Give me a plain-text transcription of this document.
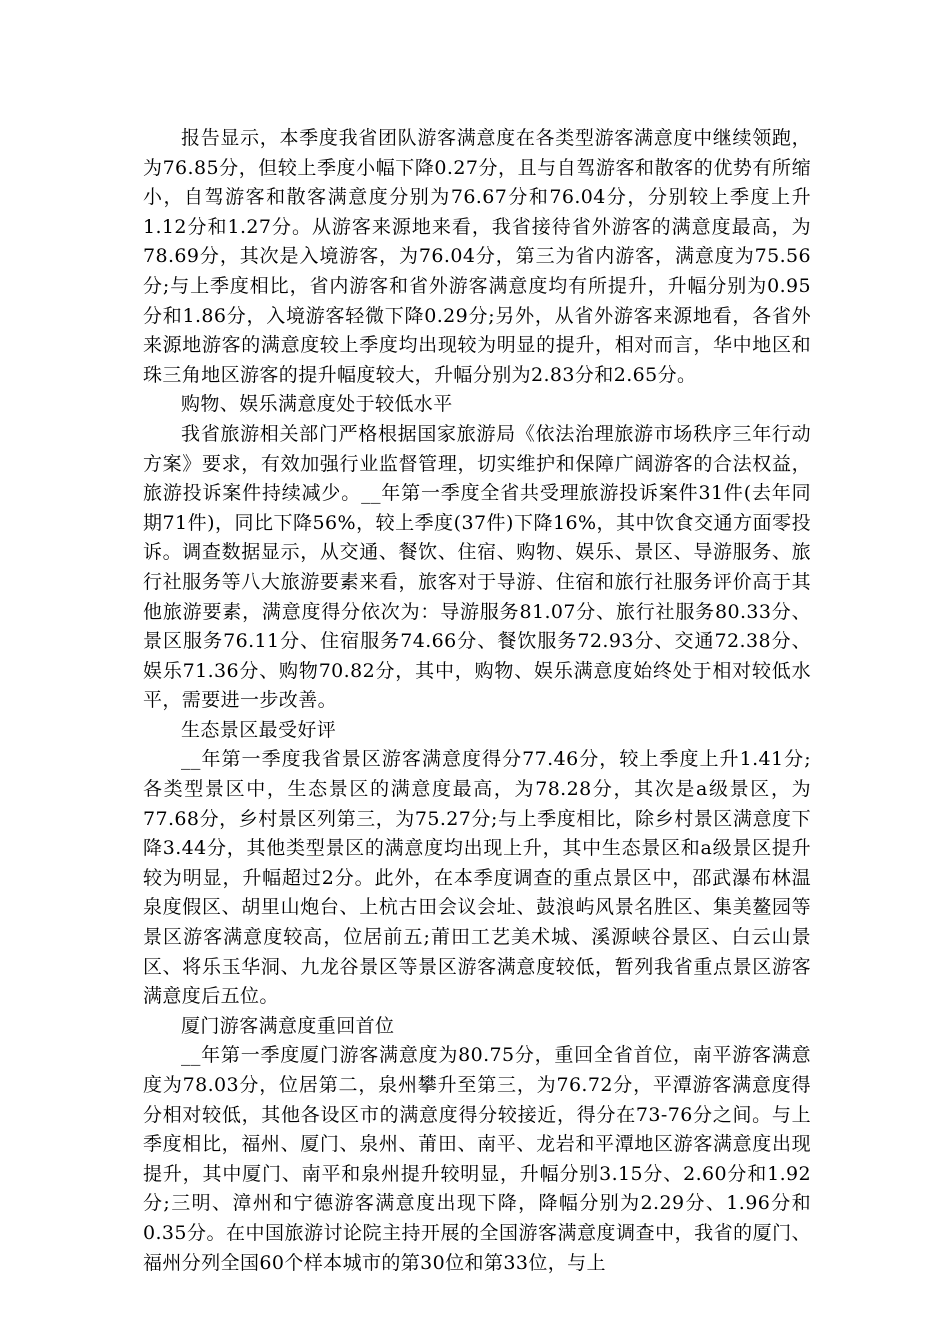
报告显示，本季度我省团队游客满意度在各类型游客满意度中继续领跑，为76.85分，但较上季度小幅下降0.27分，且与自驾游客和散客的优势有所缩小，自驾游客和散客满意度分别为76.67分和76.04分，分别较上季度上升1.12分和1.27分。从游客来源地来看，我省接待省外游客的满意度最高，为78.69分，其次是入境游客，为76.04分，第三为省内游客，满意度为75.56分;与上季度相比，省内游客和省外游客满意度均有所提升，升幅分别为0.95分和1.86分，入境游客轻微下降0.29分;另外，从省外游客来源地看，各省外来源地游客的满意度较上季度均出现较为明显的提升，相对而言，华中地区和珠三角地区游客的提升幅度较大，升幅分别为2.83分和2.65分。

购物、娱乐满意度处于较低水平

我省旅游相关部门严格根据国家旅游局《依法治理旅游市场秩序三年行动方案》要求，有效加强行业监督管理，切实维护和保障广阔游客的合法权益，旅游投诉案件持续减少。__年第一季度全省共受理旅游投诉案件31件(去年同期71件)，同比下降56%，较上季度(37件)下降16%，其中饮食交通方面零投诉。调查数据显示，从交通、餐饮、住宿、购物、娱乐、景区、导游服务、旅行社服务等八大旅游要素来看，旅客对于导游、住宿和旅行社服务评价高于其他旅游要素，满意度得分依次为：导游服务81.07分、旅行社服务80.33分、景区服务76.11分、住宿服务74.66分、餐饮服务72.93分、交通72.38分、娱乐71.36分、购物70.82分，其中，购物、娱乐满意度始终处于相对较低水平，需要进一步改善。

生态景区最受好评

__年第一季度我省景区游客满意度得分77.46分，较上季度上升1.41分;各类型景区中，生态景区的满意度最高，为78.28分，其次是a级景区，为77.68分，乡村景区列第三，为75.27分;与上季度相比，除乡村景区满意度下降3.44分，其他类型景区的满意度均出现上升，其中生态景区和a级景区提升较为明显，升幅超过2分。此外，在本季度调查的重点景区中，邵武瀑布林温泉度假区、胡里山炮台、上杭古田会议会址、鼓浪屿风景名胜区、集美鳌园等景区游客满意度较高，位居前五;莆田工艺美术城、溪源峡谷景区、白云山景区、将乐玉华洞、九龙谷景区等景区游客满意度较低，暂列我省重点景区游客满意度后五位。

厦门游客满意度重回首位

__年第一季度厦门游客满意度为80.75分，重回全省首位，南平游客满意度为78.03分，位居第二，泉州攀升至第三，为76.72分，平潭游客满意度得分相对较低，其他各设区市的满意度得分较接近，得分在73-76分之间。与上季度相比，福州、厦门、泉州、莆田、南平、龙岩和平潭地区游客满意度出现提升，其中厦门、南平和泉州提升较明显，升幅分别3.15分、2.60分和1.92分;三明、漳州和宁德游客满意度出现下降，降幅分别为2.29分、1.96分和0.35分。在中国旅游讨论院主持开展的全国游客满意度调查中，我省的厦门、福州分列全国60个样本城市的第30位和第33位，与上
